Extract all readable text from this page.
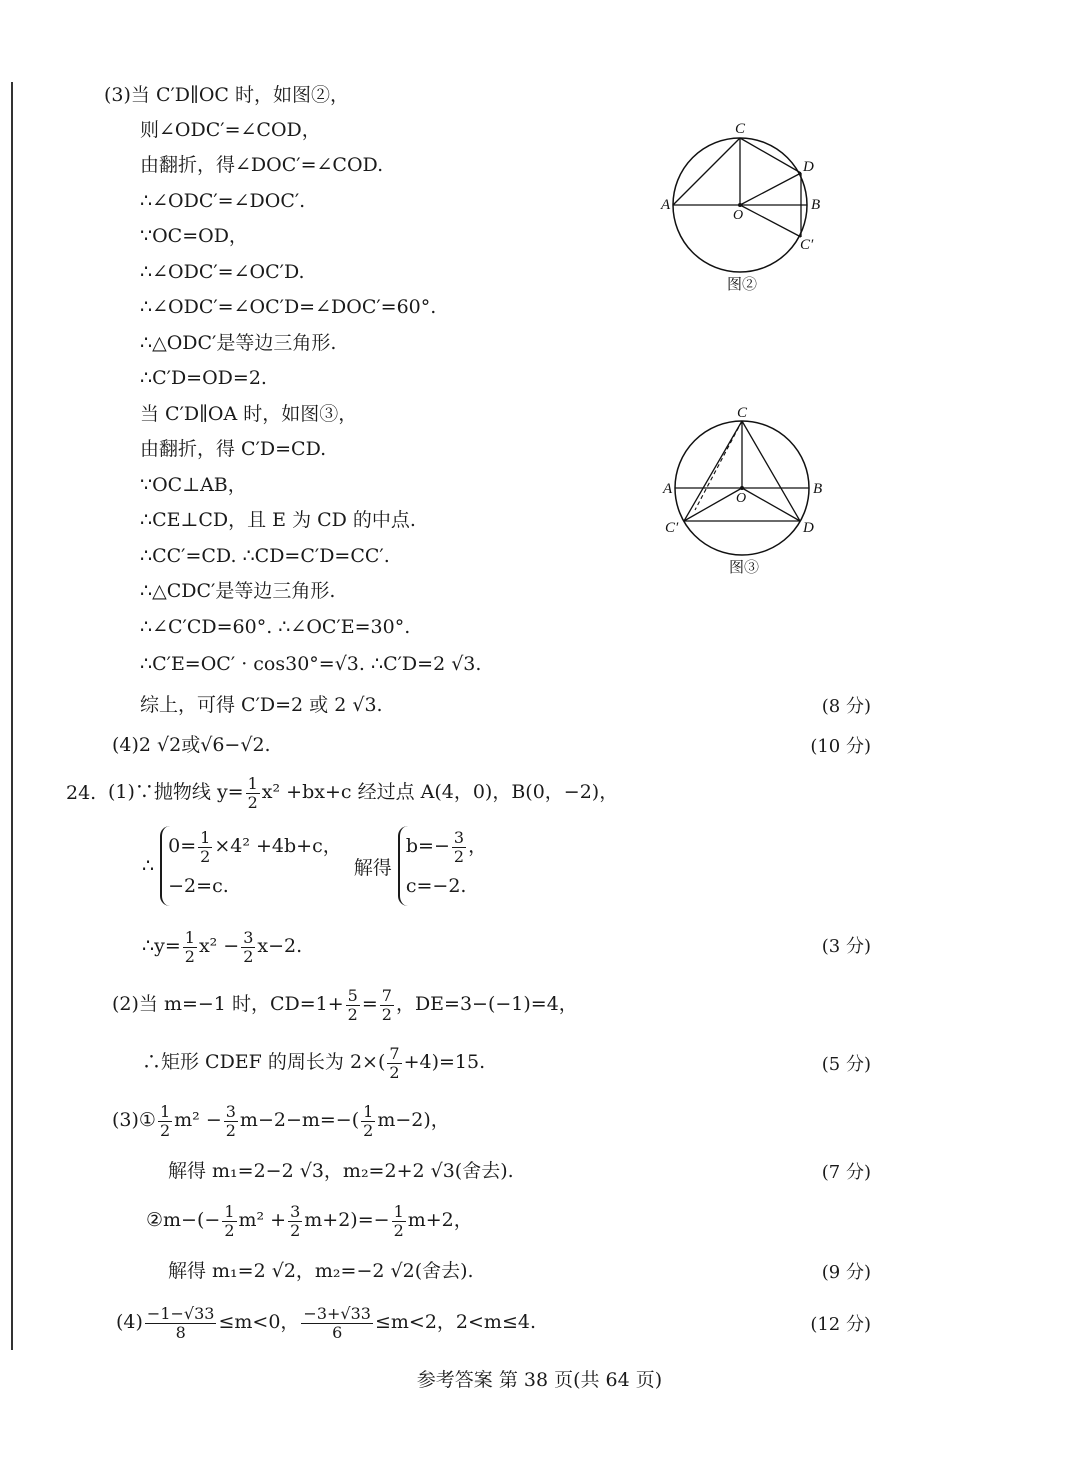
(3)当 C′D∥OC 时，如图②，
则∠ODC′=∠COD，
由翻折，得∠DOC′=∠COD.
∴∠ODC′=∠DOC′.
∵OC=OD，
∴∠ODC′=∠OC′D.
∴∠ODC′=∠OC′D=∠DOC′=60°.
∴△ODC′是等边三角形.
∴C′D=OD=2.
当 C′D∥OA 时，如图③，
由翻折，得 C′D=CD.
∵OC⊥AB，
∴CE⊥CD，且 E 为 CD 的中点.
∴CC′=CD. ∴CD=C′D=CC′.
∴△CDC′是等边三角形.
∴∠C′CD=60°. ∴∠OC′E=30°.
∴C′E=OC′ · cos30°=√3. ∴C′D=2 √3.
综上，可得 C′D=2 或 2 √3.	(8 分)
(4)2 √2或√6−√2.	(10 分)
C
A	B
O
D
C′
图②
C
A	B
O
D
C′
图③
24. (1)∵抛物线 $y= \frac{1}{2} x^2 +bx+c$ 经过点 A(4，0)，B(0，−2)，
∴
$0= \frac{1}{2} \times 4^2 +4b+c$，
−2=c.
解得
$b=- \frac{3}{2}$ ，
c=−2.
∴y= $\frac{1}{2} x^2 - \frac{3}{2} x-2$.	(3 分)
(2)当 m=−1 时，$CD=1+ \frac{5}{2} = \frac{7}{2}$ ，DE=3−(−1)=4，
∴矩形 CDEF 的周长为 $2\times( \frac{7}{2} +4)=15$.	(5 分)
(3)① $\frac{1}{2} m^2 - \frac{3}{2} m-2-m=-( \frac{1}{2} m-2)$，
解得 m₁=2−2 √3，m₂=2+2 √3(舍去).	(7 分)
②m−(− $\frac{1}{2} m^2 + \frac{3}{2} m+2)=- \frac{1}{2} m+2$，
解得 m₁=2 √2，m₂=−2 √2(舍去).	(9 分)
$(4) \frac{-1-√33}{8} \le m<0$， $\frac{-3+√33}{6} \le m<2$，2<m≤4.	(12 分)
参考答案 第 38 页(共 64 页)
